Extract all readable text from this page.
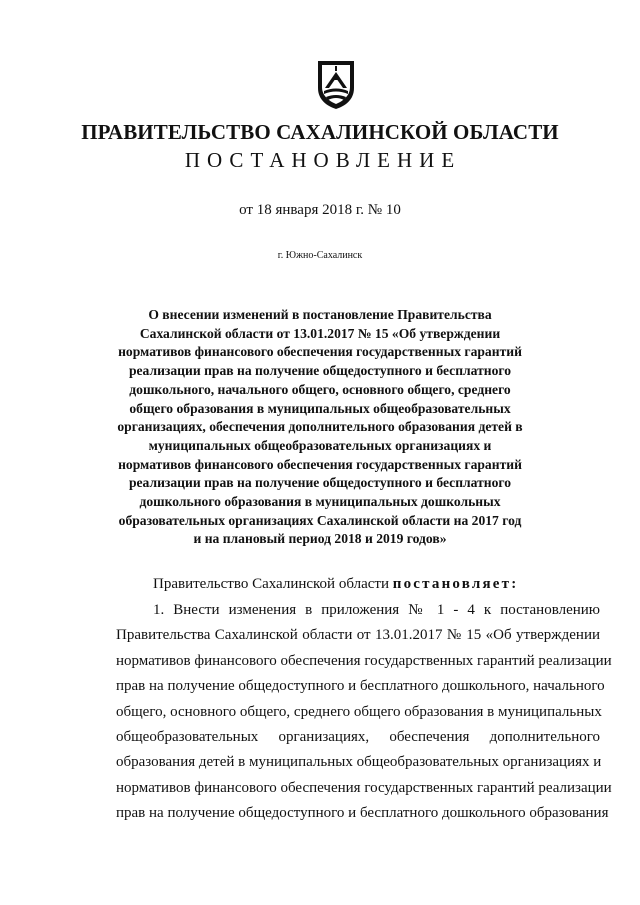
ПРАВИТЕЛЬСТВО САХАЛИНСКОЙ ОБЛАСТИ
ПОСТАНОВЛЕНИЕ
от 18 января 2018 г. № 10
г. Южно-Сахалинск
О внесении изменений в постановление Правительства
Сахалинской области от 13.01.2017 № 15 «Об утверждении
нормативов финансового обеспечения государственных гарантий
реализации прав на получение общедоступного и бесплатного
дошкольного, начального общего, основного общего, среднего
общего образования в муниципальных общеобразовательных
организациях, обеспечения дополнительного образования детей в
муниципальных общеобразовательных организациях и
нормативов финансового обеспечения государственных гарантий
реализации прав на получение общедоступного и бесплатного
дошкольного образования в муниципальных дошкольных
образовательных организациях Сахалинской области на 2017 год
и на плановый период 2018 и 2019 годов»
Правительство Сахалинской области постановляет:
1. Внести изменения в приложения № 1 - 4 к постановлению
Правительства Сахалинской области от 13.01.2017 № 15 «Об утверждении
нормативов финансового обеспечения государственных гарантий реализации
прав на получение общедоступного и бесплатного дошкольного, начального
общего, основного общего, среднего общего образования в муниципальных
общеобразовательных организациях, обеспечения дополнительного
образования детей в муниципальных общеобразовательных организациях и
нормативов финансового обеспечения государственных гарантий реализации
прав на получение общедоступного и бесплатного дошкольного образования
